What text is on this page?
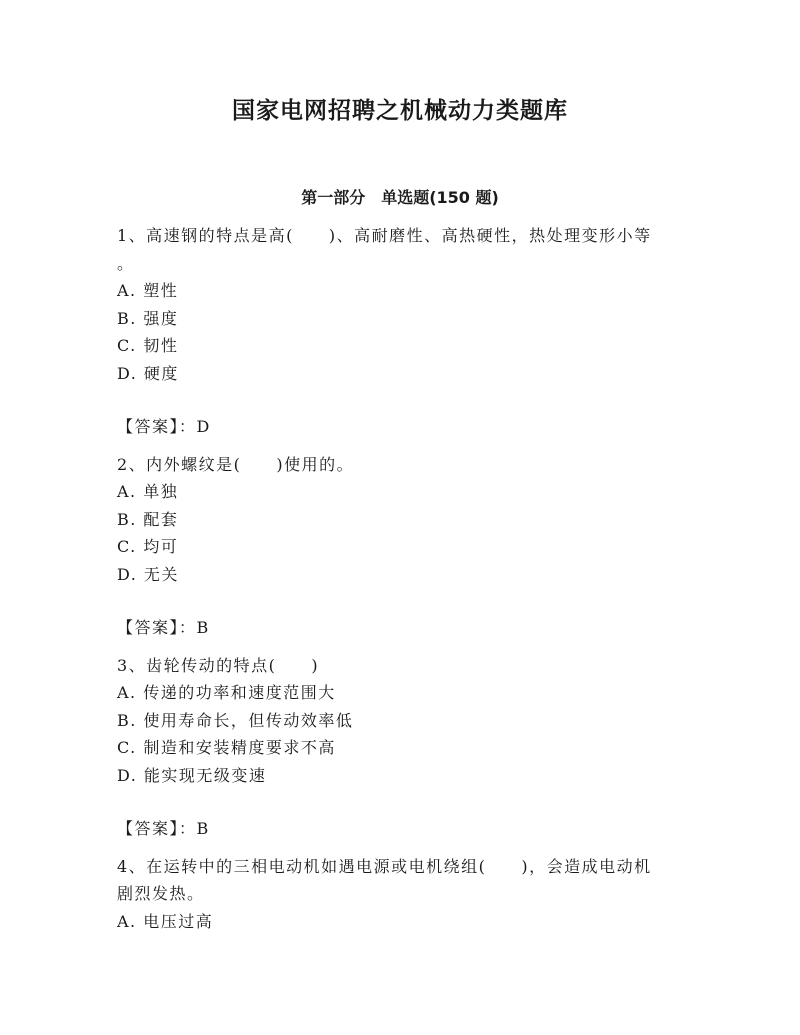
国家电网招聘之机械动力类题库
第一部分　单选题(150 题)
1、高速钢的特点是高(　　)、高耐磨性、高热硬性，热处理变形小等
。
A. 塑性
B. 强度
C. 韧性
D. 硬度
【答案】：D
2、内外螺纹是(　　)使用的。
A. 单独
B. 配套
C. 均可
D. 无关
【答案】：B
3、齿轮传动的特点(　　)
A. 传递的功率和速度范围大
B. 使用寿命长，但传动效率低
C. 制造和安装精度要求不高
D. 能实现无级变速
【答案】：B
4、在运转中的三相电动机如遇电源或电机绕组(　　)，会造成电动机
剧烈发热。
A. 电压过高
